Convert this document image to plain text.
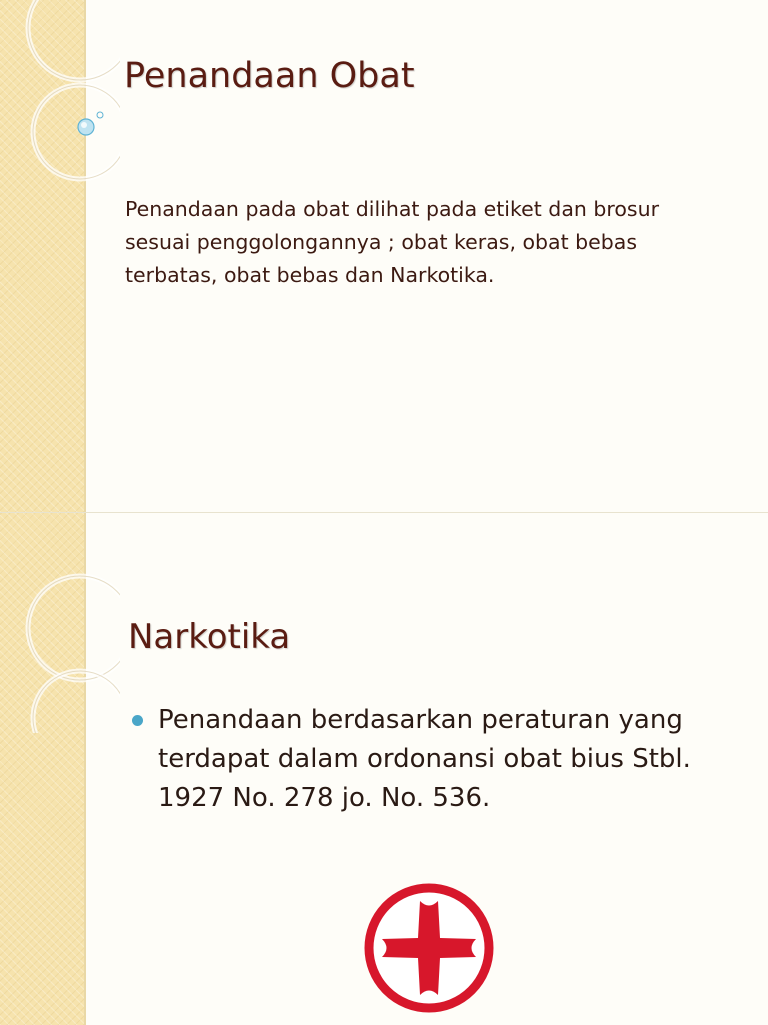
Penandaan Obat

Penandaan pada obat dilihat pada etiket dan brosur sesuai penggolongannya ; obat keras, obat bebas terbatas, obat bebas dan Narkotika.

Narkotika
Penandaan berdasarkan peraturan yang terdapat dalam ordonansi obat bius Stbl. 1927 No. 278 jo. No. 536.
